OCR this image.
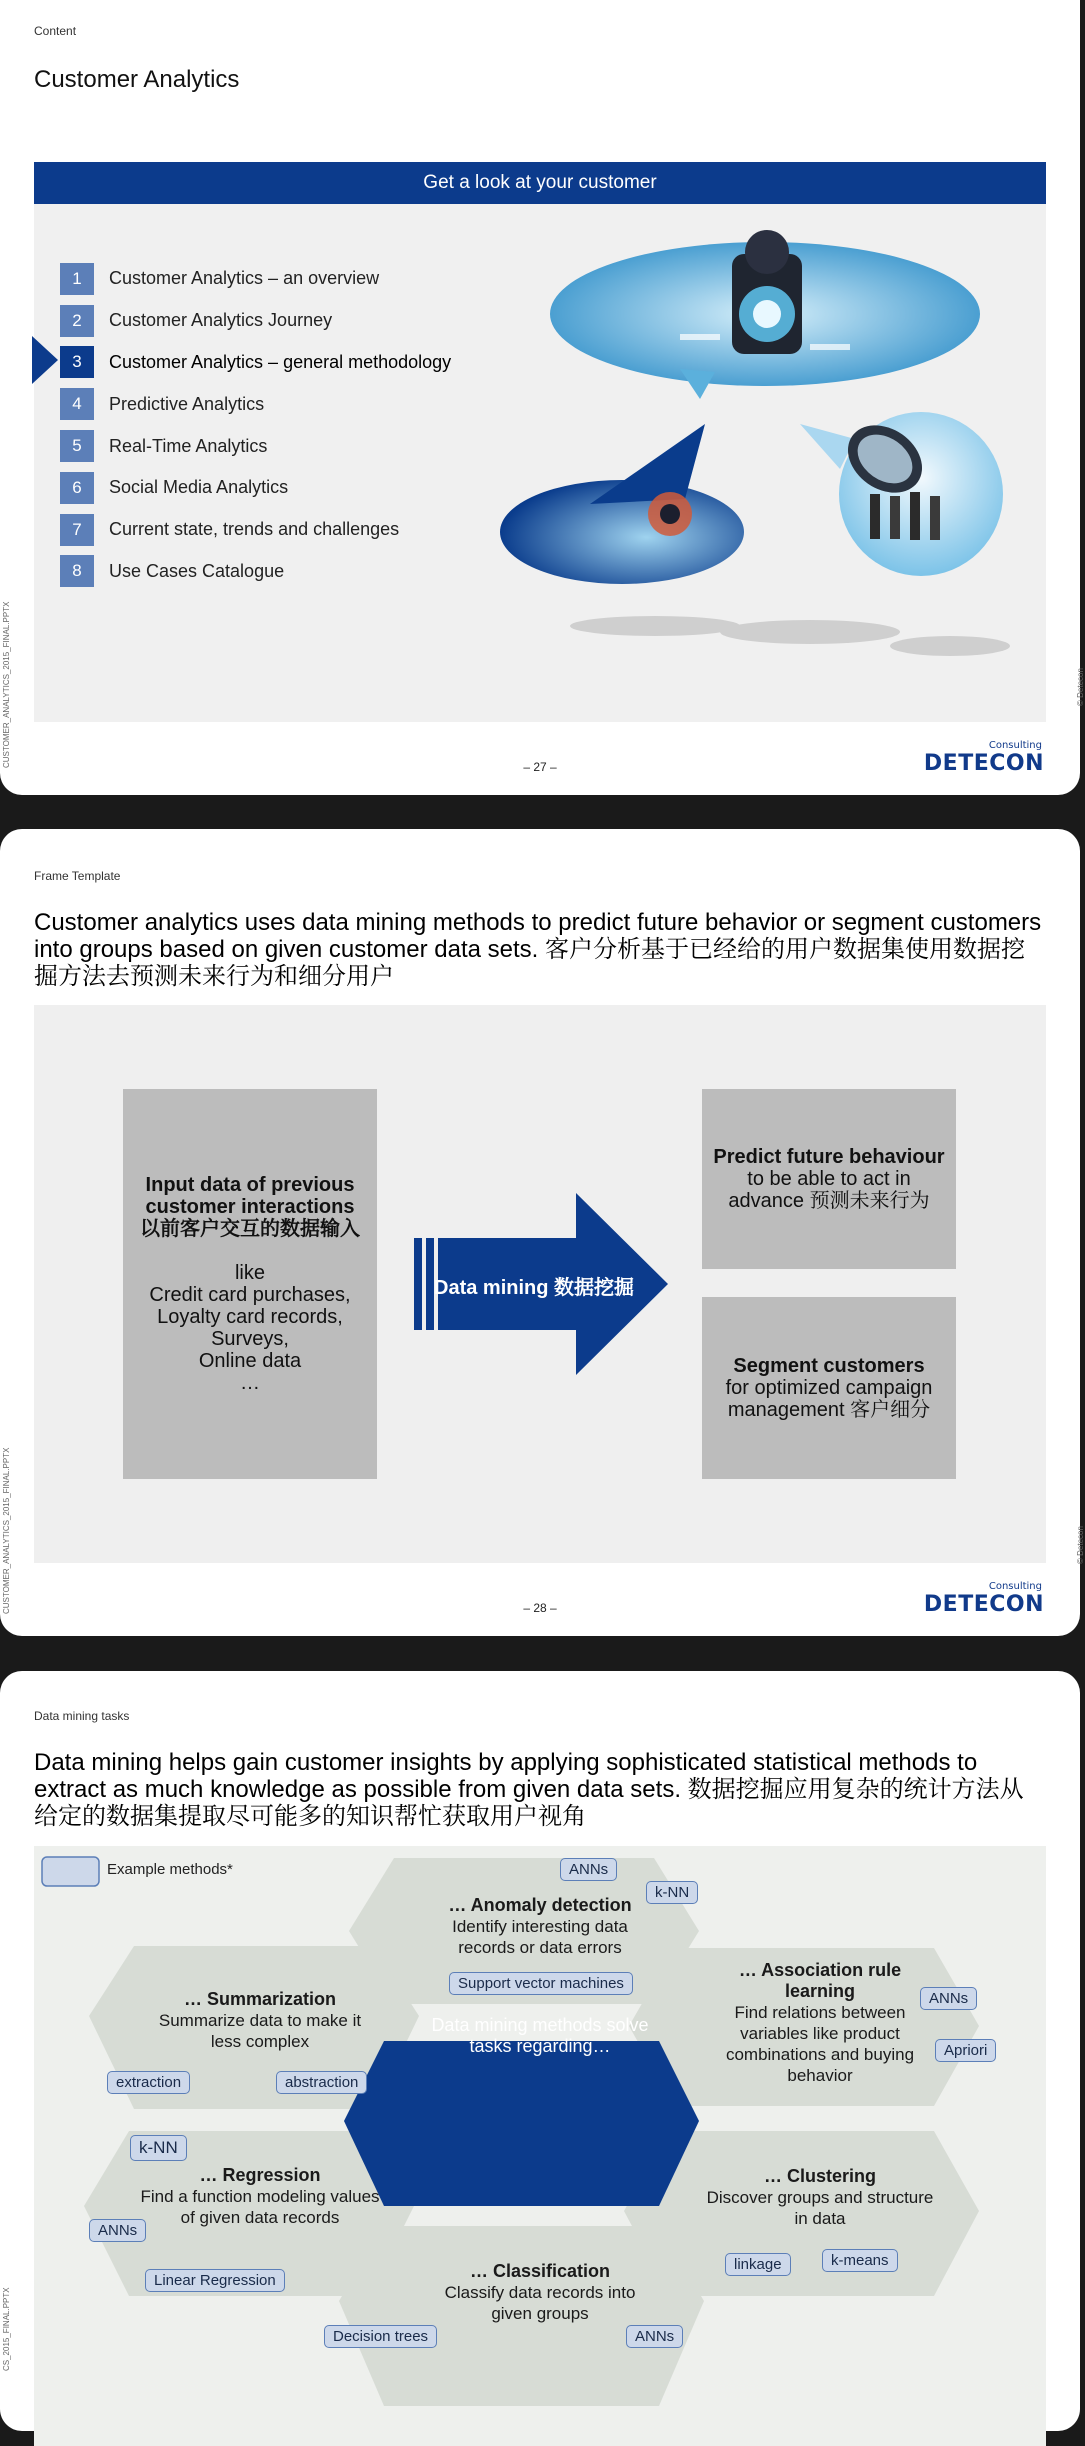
Content
Customer Analytics
Get a look at your customer
1	Customer Analytics – an overview
2	Customer Analytics Journey
3	Customer Analytics – general methodology
4	Predictive Analytics
5	Real-Time Analytics
6	Social Media Analytics
7	Current state, trends and challenges
8	Use Cases Catalogue
– 27 –
Consulting
DETECON
CUSTOMER_ANALYTICS_2015_FINAL.PPTX	© Detecon
Frame Template
Customer analytics uses data mining methods to predict future behavior or segment customers into groups based on given customer data sets. 客户分析基于已经给的用户数据集使用数据挖掘方法去预测未来行为和细分用户
Input data of previous customer interactions 以前客户交互的数据输入
like
Credit card purchases,
Loyalty card records,
Surveys,
Online data
…
Data mining 数据挖掘
Predict future behaviour
to be able to act in advance 预测未来行为
Segment customers
for optimized campaign management 客户细分
– 28 –
Consulting
DETECON
CUSTOMER_ANALYTICS_2015_FINAL.PPTX	© Detecon
Data mining tasks
Data mining helps gain customer insights by applying sophisticated statistical methods to extract as much knowledge as possible from given data sets. 数据挖掘应用复杂的统计方法从给定的数据集提取尽可能多的知识帮忙获取用户视角
Example methods*
Data mining methods solve tasks regarding…
… Anomaly detection
Identify interesting data records or data errors
… Summarization
Summarize data to make it less complex
… Association rule learning
Find relations between variables like product combinations and buying behavior
… Regression
Find a function modeling values of given data records
… Clustering
Discover groups and structure in data
… Classification
Classify data records into given groups
ANNs
k-NN
Support vector machines
ANNs
Apriori
extraction	abstraction
k-NN
ANNs
Linear Regression
linkage	k-means
Decision trees	ANNs
CS_2015_FINAL.PPTX
